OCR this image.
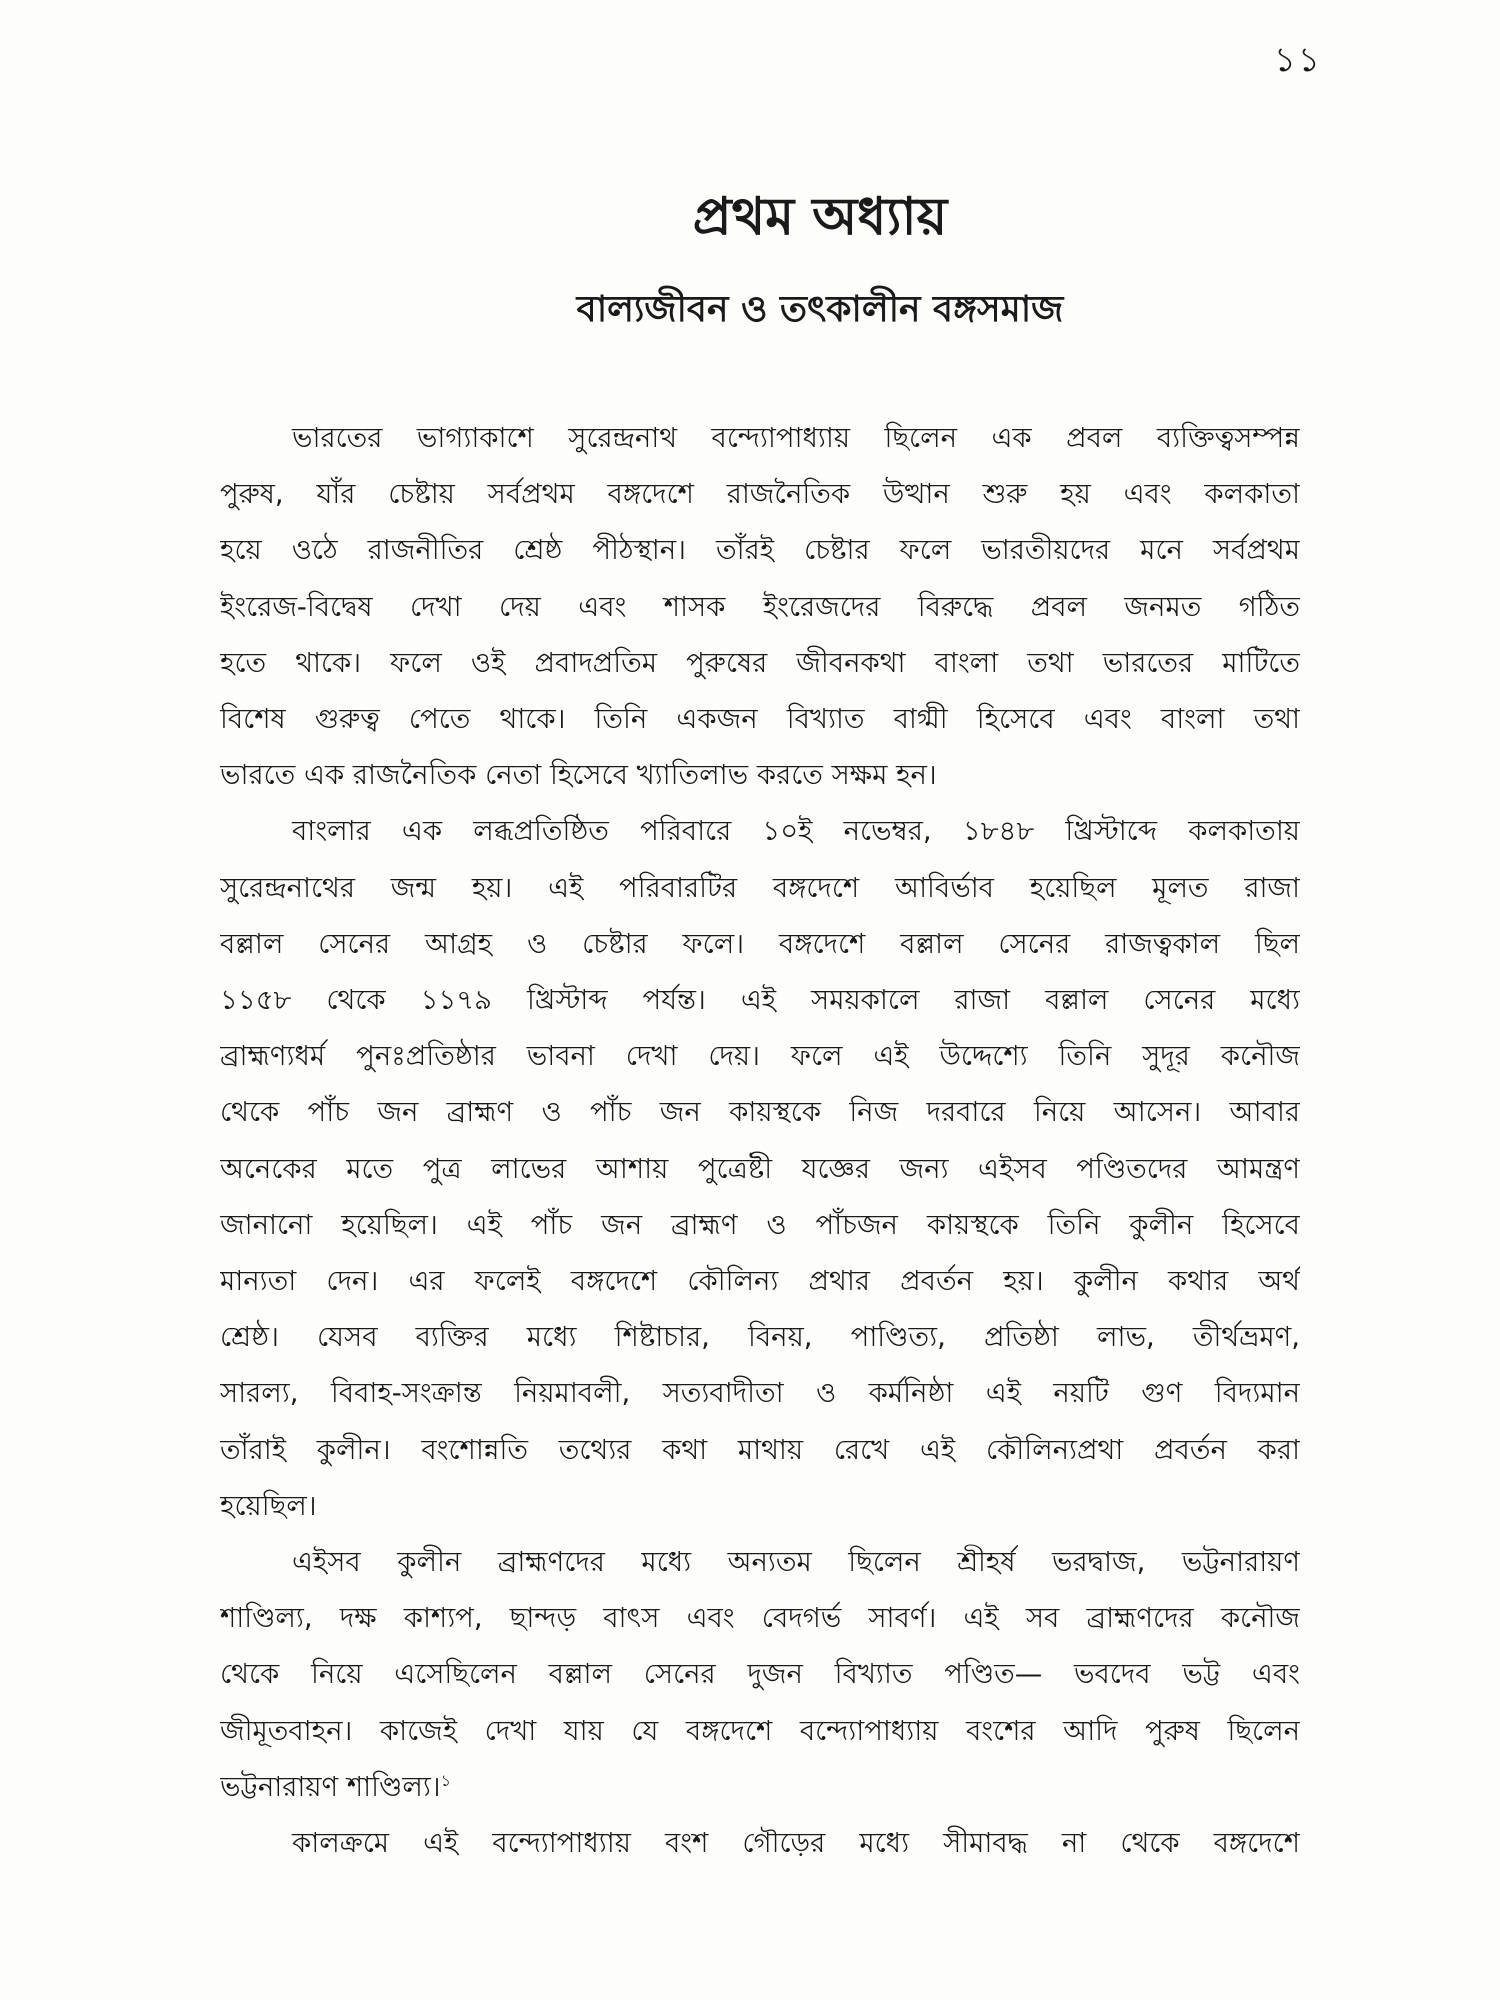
১১
প্রথম অধ্যায়
বাল্যজীবন ও তৎকালীন বঙ্গসমাজ
ভারতের ভাগ্যাকাশে সুরেন্দ্রনাথ বন্দ্যোপাধ্যায় ছিলেন এক প্রবল ব্যক্তিত্বসম্পন্ন
পুরুষ, যাঁর চেষ্টায় সর্বপ্রথম বঙ্গদেশে রাজনৈতিক উত্থান শুরু হয় এবং কলকাতা
হয়ে ওঠে রাজনীতির শ্রেষ্ঠ পীঠস্থান। তাঁরই চেষ্টার ফলে ভারতীয়দের মনে সর্বপ্রথম
ইংরেজ-বিদ্বেষ দেখা দেয় এবং শাসক ইংরেজদের বিরুদ্ধে প্রবল জনমত গঠিত
হতে থাকে। ফলে ওই প্রবাদপ্রতিম পুরুষের জীবনকথা বাংলা তথা ভারতের মাটিতে
বিশেষ গুরুত্ব পেতে থাকে। তিনি একজন বিখ্যাত বাগ্মী হিসেবে এবং বাংলা তথা
ভারতে এক রাজনৈতিক নেতা হিসেবে খ্যাতিলাভ করতে সক্ষম হন।
বাংলার এক লব্ধপ্রতিষ্ঠিত পরিবারে ১০ই নভেম্বর, ১৮৪৮ খ্রিস্টাব্দে কলকাতায়
সুরেন্দ্রনাথের জন্ম হয়। এই পরিবারটির বঙ্গদেশে আবির্ভাব হয়েছিল মূলত রাজা
বল্লাল সেনের আগ্রহ ও চেষ্টার ফলে। বঙ্গদেশে বল্লাল সেনের রাজত্বকাল ছিল
১১৫৮ থেকে ১১৭৯ খ্রিস্টাব্দ পর্যন্ত। এই সময়কালে রাজা বল্লাল সেনের মধ্যে
ব্রাহ্মণ্যধর্ম পুনঃপ্রতিষ্ঠার ভাবনা দেখা দেয়। ফলে এই উদ্দেশ্যে তিনি সুদূর কনৌজ
থেকে পাঁচ জন ব্রাহ্মণ ও পাঁচ জন কায়স্থকে নিজ দরবারে নিয়ে আসেন। আবার
অনেকের মতে পুত্র লাভের আশায় পুত্রেষ্টী যজ্ঞের জন্য এইসব পণ্ডিতদের আমন্ত্রণ
জানানো হয়েছিল। এই পাঁচ জন ব্রাহ্মণ ও পাঁচজন কায়স্থকে তিনি কুলীন হিসেবে
মান্যতা দেন। এর ফলেই বঙ্গদেশে কৌলিন্য প্রথার প্রবর্তন হয়। কুলীন কথার অর্থ
শ্রেষ্ঠ। যেসব ব্যক্তির মধ্যে শিষ্টাচার, বিনয়, পাণ্ডিত্য, প্রতিষ্ঠা লাভ, তীর্থভ্রমণ,
সারল্য, বিবাহ-সংক্রান্ত নিয়মাবলী, সত্যবাদীতা ও কর্মনিষ্ঠা এই নয়টি গুণ বিদ্যমান
তাঁরাই কুলীন। বংশোন্নতি তথ্যের কথা মাথায় রেখে এই কৌলিন্যপ্রথা প্রবর্তন করা
হয়েছিল।
এইসব কুলীন ব্রাহ্মণদের মধ্যে অন্যতম ছিলেন শ্রীহর্ষ ভরদ্বাজ, ভট্টনারায়ণ
শাণ্ডিল্য, দক্ষ কাশ্যপ, ছান্দড় বাৎস এবং বেদগর্ভ সাবর্ণ। এই সব ব্রাহ্মণদের কনৌজ
থেকে নিয়ে এসেছিলেন বল্লাল সেনের দুজন বিখ্যাত পণ্ডিত— ভবদেব ভট্ট এবং
জীমূতবাহন। কাজেই দেখা যায় যে বঙ্গদেশে বন্দ্যোপাধ্যায় বংশের আদি পুরুষ ছিলেন
ভট্টনারায়ণ শাণ্ডিল্য।$^১$
কালক্রমে এই বন্দ্যোপাধ্যায় বংশ গৌড়ের মধ্যে সীমাবদ্ধ না থেকে বঙ্গদেশে
